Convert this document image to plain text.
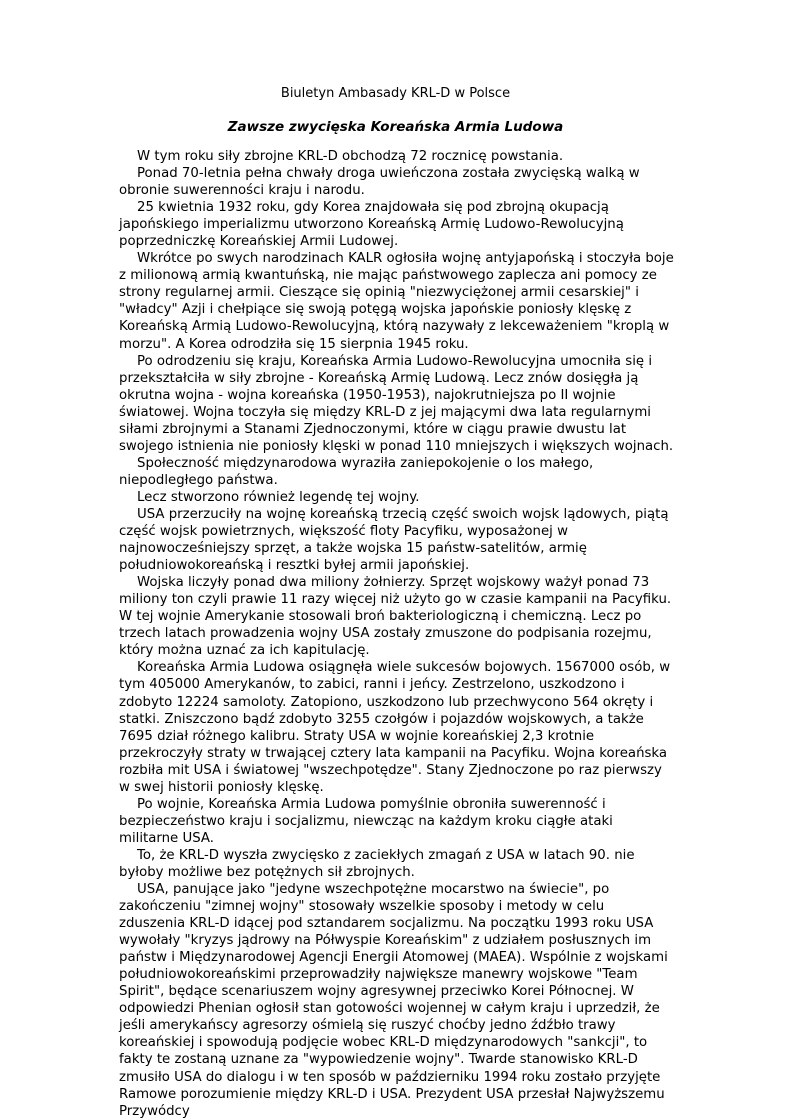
Biuletyn Ambasady KRL-D w Polsce
Zawsze zwycięska Koreańska Armia Ludowa

W tym roku siły zbrojne KRL-D obchodzą 72 rocznicę powstania.

Ponad 70-letnia pełna chwały droga uwieńczona została zwycięską walką w obronie suwerenności kraju i narodu.

25 kwietnia 1932 roku, gdy Korea znajdowała się pod zbrojną okupacją japońskiego imperializmu utworzono Koreańską Armię Ludowo-Rewolucyjną poprzedniczkę Koreańskiej Armii Ludowej.

Wkrótce po swych narodzinach KALR ogłosiła wojnę antyjapońską i stoczyła boje z milionową armią kwantuńską, nie mając państwowego zaplecza ani pomocy ze strony regularnej armii. Cieszące się opinią "niezwyciężonej armii cesarskiej" i "władcy" Azji i chełpiące się swoją potęgą wojska japońskie poniosły klęskę z Koreańską Armią Ludowo-Rewolucyjną, którą nazywały z lekceważeniem "kroplą w morzu". A Korea odrodziła się 15 sierpnia 1945 roku.

Po odrodzeniu się kraju, Koreańska Armia Ludowo-Rewolucyjna umocniła się i przekształciła w siły zbrojne - Koreańską Armię Ludową. Lecz znów dosięgła ją okrutna wojna - wojna koreańska (1950-1953), najokrutniejsza po II wojnie światowej. Wojna toczyła się między KRL-D z jej mającymi dwa lata regularnymi siłami zbrojnymi a Stanami Zjednoczonymi, które w ciągu prawie dwustu lat swojego istnienia nie poniosły klęski w ponad 110 mniejszych i większych wojnach.

Społeczność międzynarodowa wyraziła zaniepokojenie o los małego, niepodległego państwa.

Lecz stworzono również legendę tej wojny.

USA przerzuciły na wojnę koreańską trzecią część swoich wojsk lądowych, piątą część wojsk powietrznych, większość floty Pacyfiku, wyposażonej w najnowocześniejszy sprzęt, a także wojska 15 państw-satelitów, armię południowokoreańską i resztki byłej armii japońskiej.

Wojska liczyły ponad dwa miliony żołnierzy. Sprzęt wojskowy ważył ponad 73 miliony ton czyli prawie 11 razy więcej niż użyto go w czasie kampanii na Pacyfiku. W tej wojnie Amerykanie stosowali broń bakteriologiczną i chemiczną. Lecz po trzech latach prowadzenia wojny USA zostały zmuszone do podpisania rozejmu, który można uznać za ich kapitulację.

Koreańska Armia Ludowa osiągnęła wiele sukcesów bojowych. 1567000 osób, w tym 405000 Amerykanów, to zabici, ranni i jeńcy. Zestrzelono, uszkodzono i zdobyto 12224 samoloty. Zatopiono, uszkodzono lub przechwycono 564 okręty i statki. Zniszczono bądź zdobyto 3255 czołgów i pojazdów wojskowych, a także 7695 dział różnego kalibru. Straty USA w wojnie koreańskiej 2,3 krotnie przekroczyły straty w trwającej cztery lata kampanii na Pacyfiku. Wojna koreańska rozbiła mit USA i światowej "wszechpotędze". Stany Zjednoczone po raz pierwszy w swej historii poniosły klęskę.

Po wojnie, Koreańska Armia Ludowa pomyślnie obroniła suwerenność i bezpieczeństwo kraju i socjalizmu, niewcząc na każdym kroku ciągłe ataki militarne USA.

To, że KRL-D wyszła zwycięsko z zaciekłych zmagań z USA w latach 90. nie byłoby możliwe bez potężnych sił zbrojnych.

USA, panujące jako "jedyne wszechpotężne mocarstwo na świecie", po zakończeniu "zimnej wojny" stosowały wszelkie sposoby i metody w celu zduszenia KRL-D idącej pod sztandarem socjalizmu. Na początku 1993 roku USA wywołały "kryzys jądrowy na Półwyspie Koreańskim" z udziałem posłusznych im państw i Międzynarodowej Agencji Energii Atomowej (MAEA). Wspólnie z wojskami południowokoreańskimi przeprowadziły największe manewry wojskowe "Team Spirit", będące scenariuszem wojny agresywnej przeciwko Korei Północnej. W odpowiedzi Phenian ogłosił stan gotowości wojennej w całym kraju i uprzedził, że jeśli amerykańscy agresorzy ośmielą się ruszyć choćby jedno źdźbło trawy koreańskiej i spowodują podjęcie wobec KRL-D międzynarodowych "sankcji", to fakty te zostaną uznane za "wypowiedzenie wojny". Twarde stanowisko KRL-D zmusiło USA do dialogu i w ten sposób w październiku 1994 roku zostało przyjęte Ramowe porozumienie między KRL-D i USA. Prezydent USA przesłał Najwyższemu Przywódcy
